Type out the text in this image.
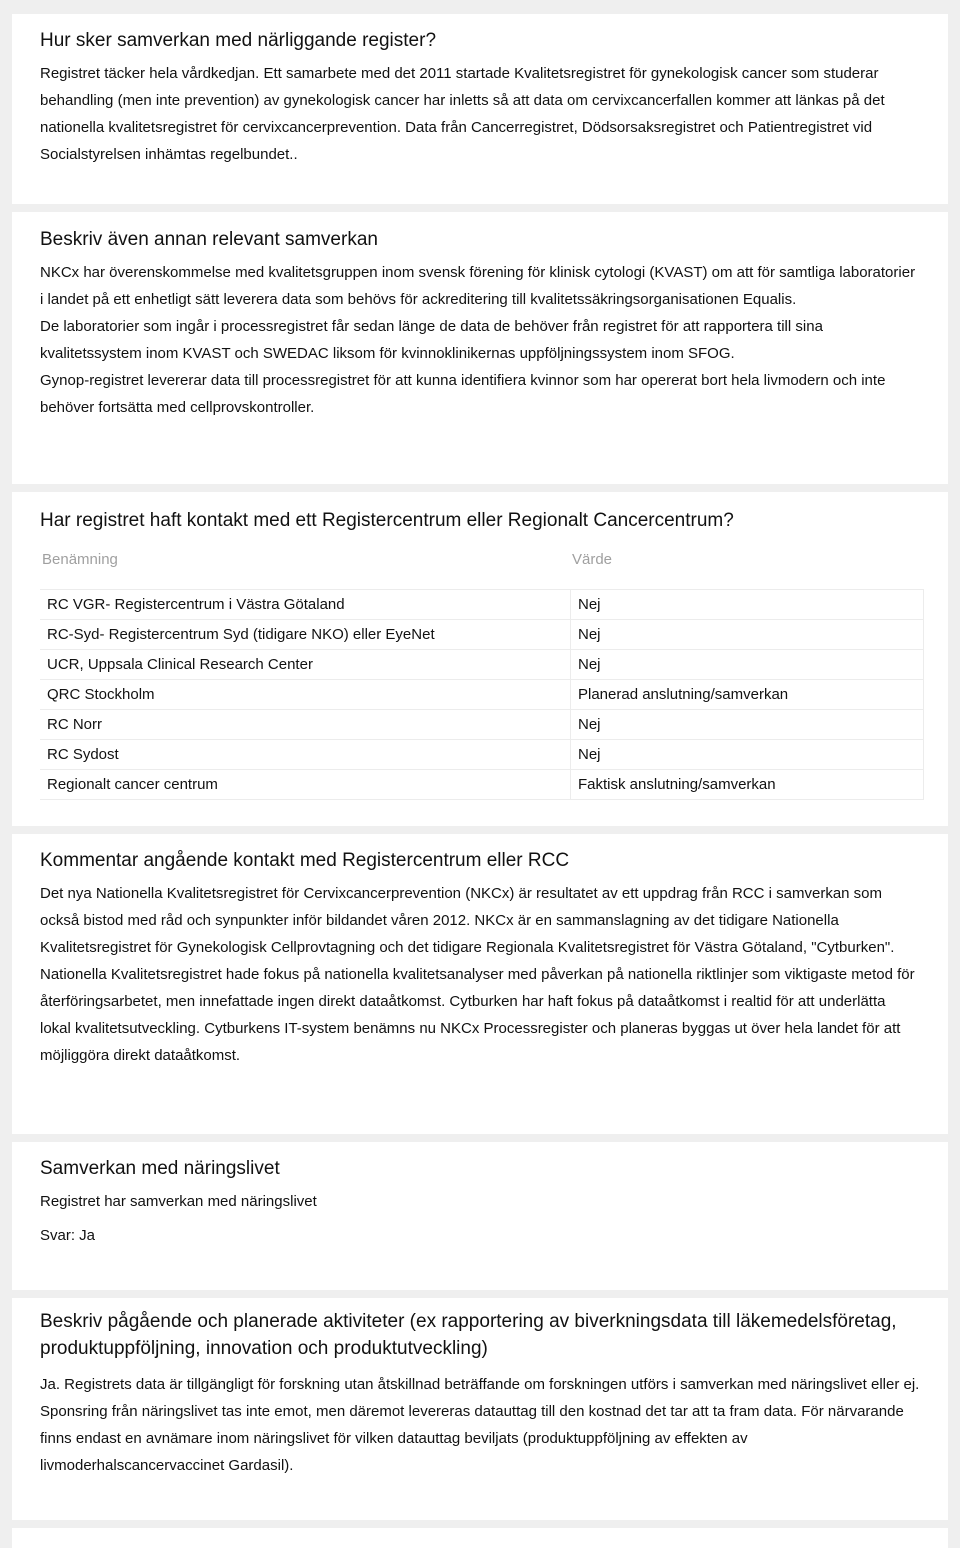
Hur sker samverkan med närliggande register?

Registret täcker hela vårdkedjan. Ett samarbete med det 2011 startade Kvalitetsregistret för gynekologisk cancer som studerar behandling (men inte prevention) av gynekologisk cancer har inletts så att data om cervixcancerfallen kommer att länkas på det nationella kvalitetsregistret för cervixcancerprevention. Data från Cancerregistret, Dödsorsaksregistret och Patientregistret vid Socialstyrelsen inhämtas regelbundet..

Beskriv även annan relevant samverkan

NKCx har överenskommelse med kvalitetsgruppen inom svensk förening för klinisk cytologi (KVAST) om att för samtliga laboratorier i landet på ett enhetligt sätt leverera data som behövs för ackreditering till kvalitetssäkringsorganisationen Equalis.

De laboratorier som ingår i processregistret får sedan länge de data de behöver från registret för att rapportera till sina kvalitetssystem inom KVAST och SWEDAC liksom för kvinnoklinikernas uppföljningssystem inom SFOG.

Gynop-registret levererar data till processregistret för att kunna identifiera kvinnor som har opererat bort hela livmodern och inte behöver fortsätta med cellprovskontroller.

Har registret haft kontakt med ett Registercentrum eller Regionalt Cancercentrum?
Benämning	Värde
RC VGR- Registercentrum i Västra Götaland	Nej
RC-Syd- Registercentrum Syd (tidigare NKO) eller EyeNet	Nej
UCR, Uppsala Clinical Research Center	Nej
QRC Stockholm	Planerad anslutning/samverkan
RC Norr	Nej
RC Sydost	Nej
Regionalt cancer centrum	Faktisk anslutning/samverkan
Kommentar angående kontakt med Registercentrum eller RCC

Det nya Nationella Kvalitetsregistret för Cervixcancerprevention (NKCx) är resultatet av ett uppdrag från RCC i samverkan som också bistod med råd och synpunkter inför bildandet våren 2012. NKCx är en sammanslagning av det tidigare Nationella Kvalitetsregistret för Gynekologisk Cellprovtagning och det tidigare Regionala Kvalitetsregistret för Västra Götaland, "Cytburken". Nationella Kvalitetsregistret hade fokus på nationella kvalitetsanalyser med påverkan på nationella riktlinjer som viktigaste metod för återföringsarbetet, men innefattade ingen direkt dataåtkomst. Cytburken har haft fokus på dataåtkomst i realtid för att underlätta lokal kvalitetsutveckling. Cytburkens IT-system benämns nu NKCx Processregister och planeras byggas ut över hela landet för att möjliggöra direkt dataåtkomst.

Samverkan med näringslivet

Registret har samverkan med näringslivet

Svar: Ja

Beskriv pågående och planerade aktiviteter (ex rapportering av biverkningsdata till läkemedelsföretag, produktuppföljning, innovation och produktutveckling)

Ja. Registrets data är tillgängligt för forskning utan åtskillnad beträffande om forskningen utförs i samverkan med näringslivet eller ej. Sponsring från näringslivet tas inte emot, men däremot levereras datauttag till den kostnad det tar att ta fram data. För närvarande finns endast en avnämare inom näringslivet för vilken datauttag beviljats (produktuppföljning av effekten av livmoderhalscancervaccinet Gardasil).
